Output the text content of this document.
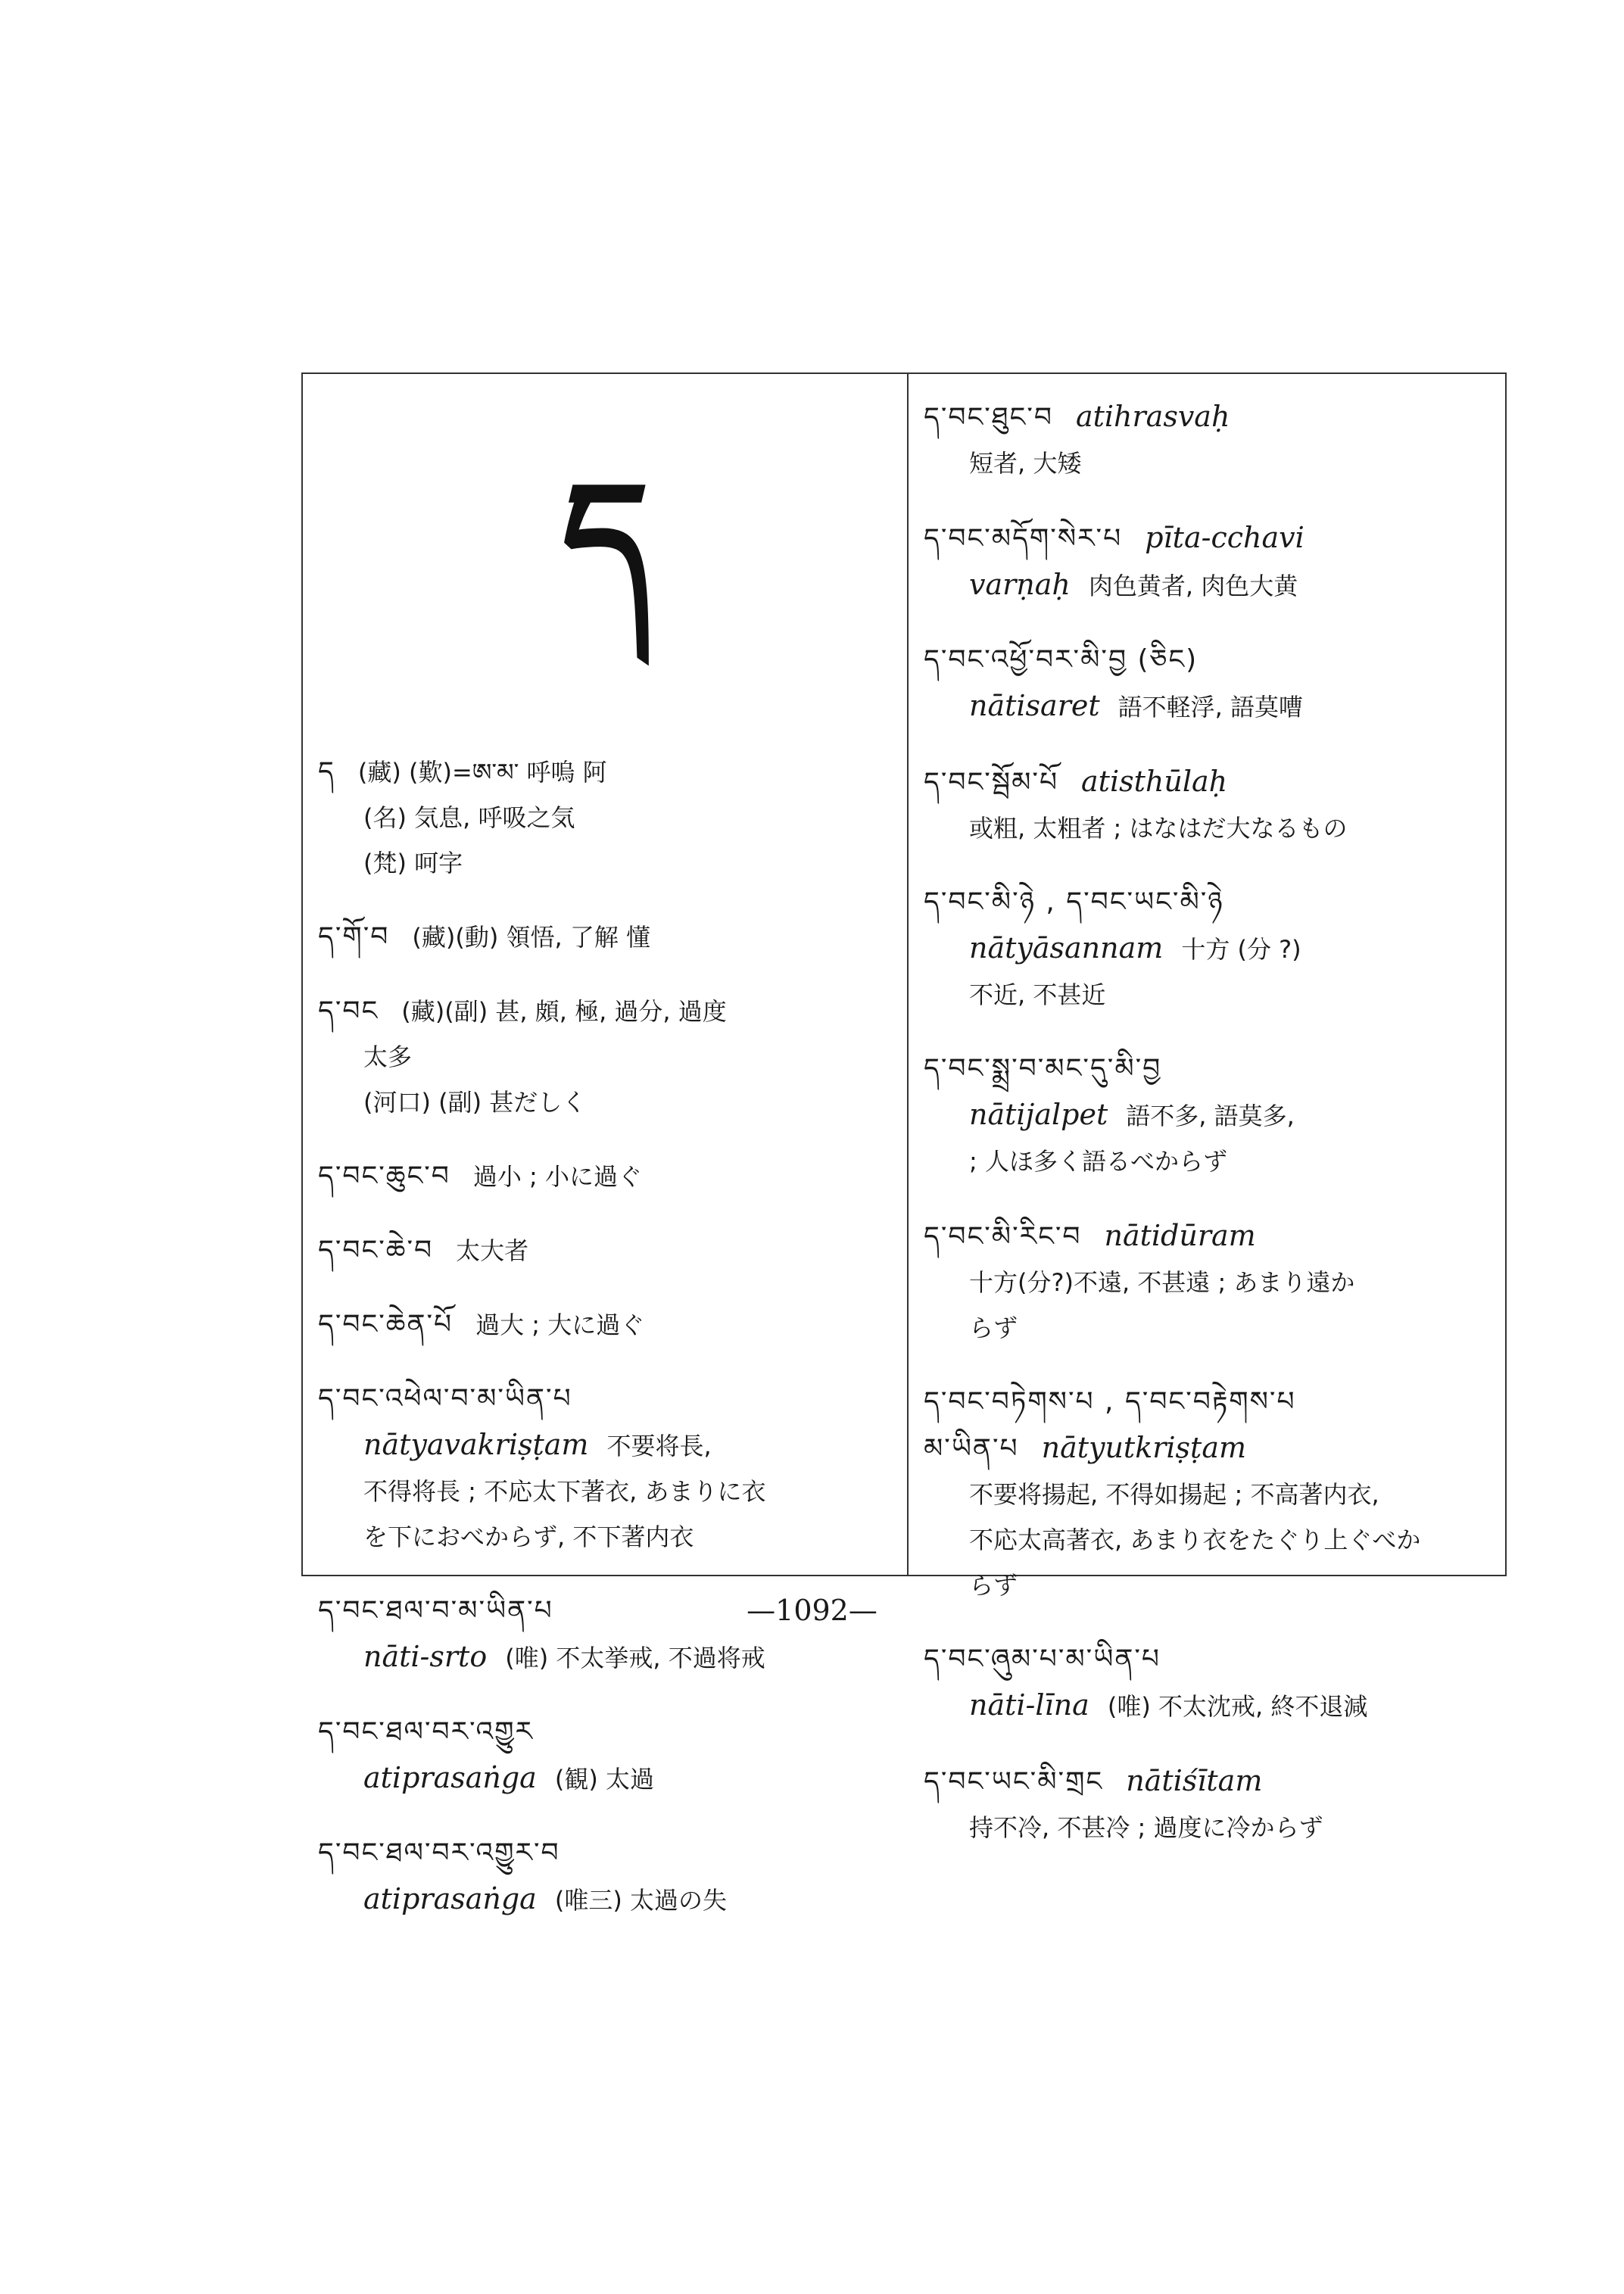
ད
ད (藏) (歎)=ཨ་མ་ 呼嗚 阿
(名) 気息, 呼吸之気
(梵) 呵字
ད་གོ་བ (藏)(動) 領悟, 了解 懂
ད་བང (藏)(副) 甚, 頗, 極, 過分, 過度
太多
(河口) (副) 甚だしく
ད་བང་ཆུང་བ 過小 ; 小に過ぐ
ད་བང་ཆེ་བ 太大者
ད་བང་ཆེན་པོ 過大 ; 大に過ぐ
ད་བང་འཕེལ་བ་མ་ཡིན་པ
nātyavakriṣṭam 不要将長,
不得将長 ; 不応太下著衣, あまりに衣
を下におべからず, 不下著内衣
ད་བང་ཐལ་བ་མ་ཡིན་པ
nāti-srto (唯) 不太挙戒, 不過将戒
ད་བང་ཐལ་བར་འགྱུར
atiprasaṅga (観) 太過
ད་བང་ཐལ་བར་འགྱུར་བ
atiprasaṅga (唯三) 太過の失
ད་བང་ཐུང་བ atihrasvaḥ
短者, 大矮
ད་བང་མདོག་སེར་པ pīta-cchavi
varṇaḥ 肉色黄者, 肉色大黄
ད་བང་འཕྱོ་བར་མི་བྱ (ཅིང)
nātisaret 語不軽浮, 語莫嘈
ད་བང་སྦོམ་པོ atisthūlaḥ
或粗, 太粗者 ; はなはだ大なるもの
ད་བང་མི་ཉེ , ད་བང་ཡང་མི་ཉེ
nātyāsannam 十方 (分 ?)
不近, 不甚近
ད་བང་སྨྲ་བ་མང་དུ་མི་བྱ
nātijalpet 語不多, 語莫多,
; 人ほ多く語るべからず
ད་བང་མི་རིང་བ nātidūram
十方(分?)不遠, 不甚遠 ; あまり遠か
らず
ད་བང་བཏེགས་པ , ད་བང་བརྟེགས་པ
མ་ཡིན་པ nātyutkriṣṭam
不要将揚起, 不得如揚起 ; 不高著内衣,
不応太高著衣, あまり衣をたぐり上ぐべか
らず
ད་བང་ཞུམ་པ་མ་ཡིན་པ
nāti-līna (唯) 不太沈戒, 終不退減
ད་བང་ཡང་མི་གྲང nātiśītam
持不冷, 不甚冷 ; 過度に冷からず
—1092—
